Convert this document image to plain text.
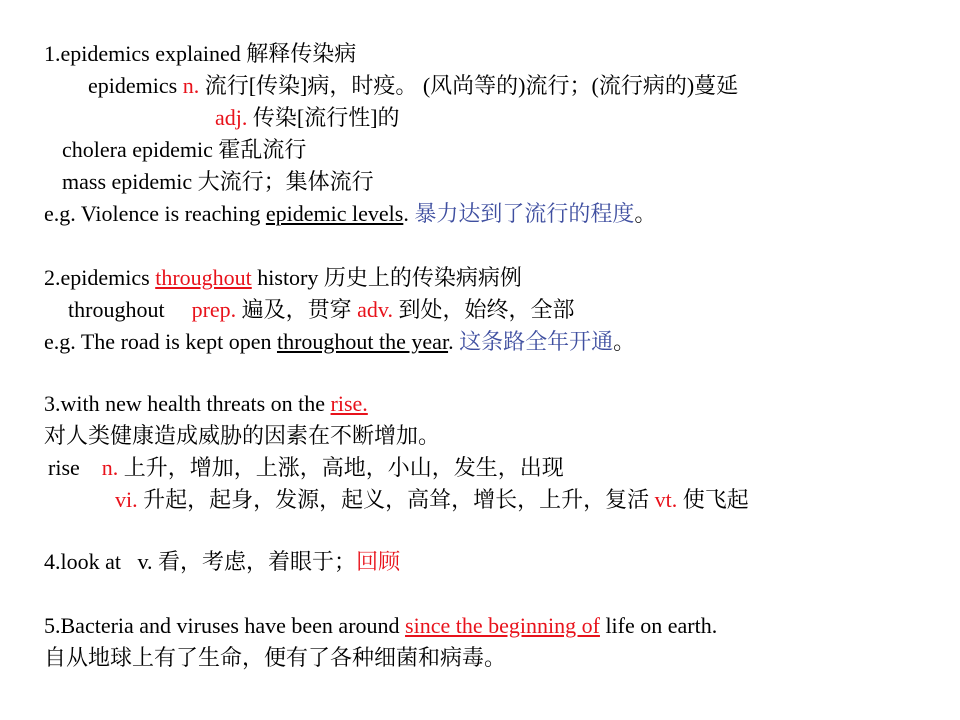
1.epidemics explained 解释传染病
epidemics n. 流行[传染]病，时疫。 (风尚等的)流行；(流行病的)蔓延
adj. 传染[流行性]的
cholera epidemic 霍乱流行
mass epidemic 大流行；集体流行
e.g. Violence is reaching epidemic levels. 暴力达到了流行的程度。
2.epidemics throughout history 历史上的传染病病例
throughout prep. 遍及，贯穿 adv. 到处，始终，全部
e.g. The road is kept open throughout the year. 这条路全年开通。
3.with new health threats on the rise.
对人类健康造成威胁的因素在不断增加。
rise n. 上升，增加，上涨，高地，小山，发生，出现
vi. 升起，起身，发源，起义，高耸，增长，上升，复活 vt. 使飞起
4.look at   v. 看，考虑，着眼于；回顾
5.Bacteria and viruses have been around since the beginning of life on earth.
自从地球上有了生命，便有了各种细菌和病毒。
